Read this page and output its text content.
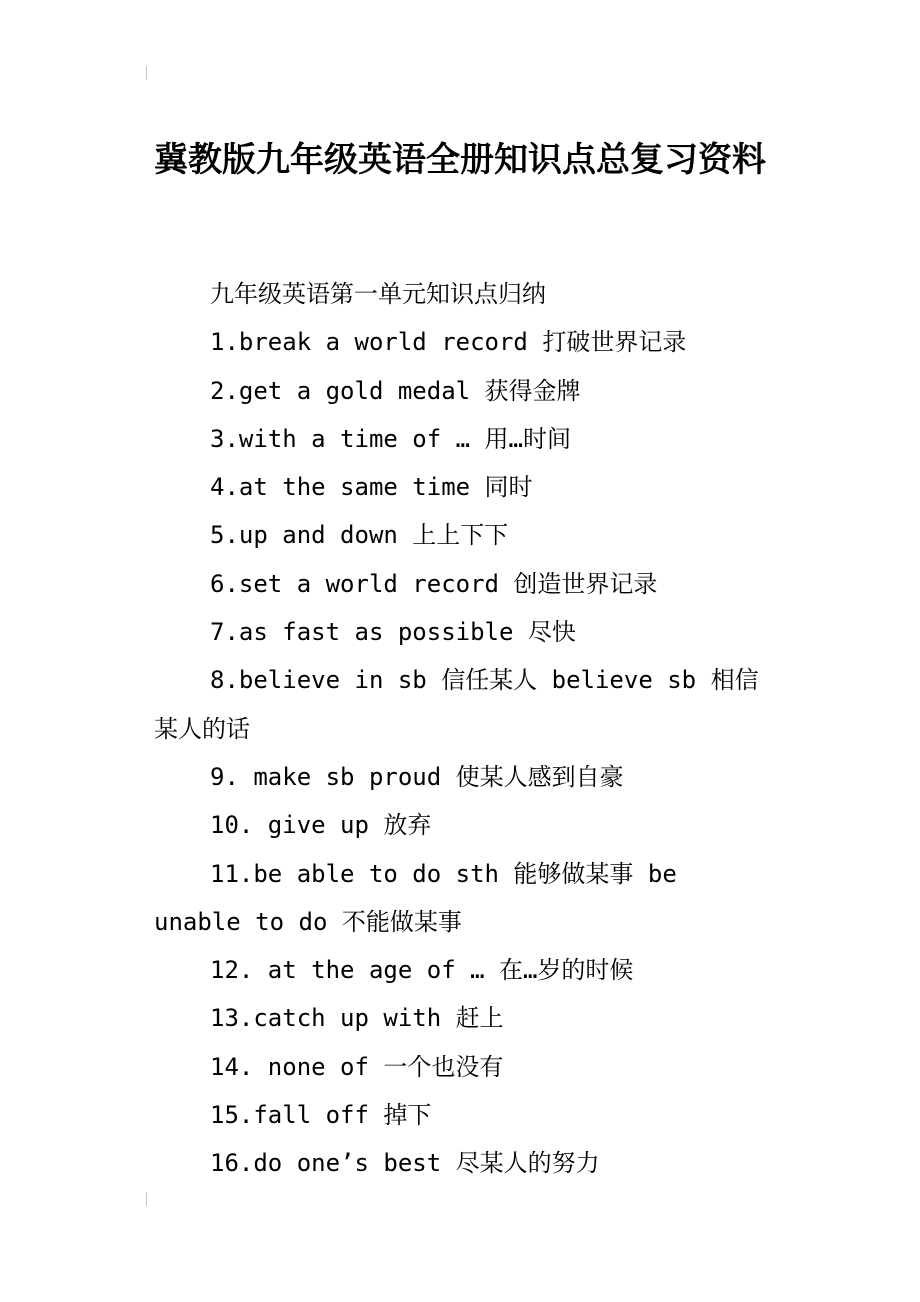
冀教版九年级英语全册知识点总复习资料

九年级英语第一单元知识点归纳

1.break a world record 打破世界记录

2.get a gold medal 获得金牌

3.with a time of … 用…时间

4.at the same time 同时

5.up and down 上上下下

6.set a world record 创造世界记录

7.as fast as possible 尽快

8.believe in sb 信任某人 believe sb 相信某人的话

9. make sb proud 使某人感到自豪

10. give up 放弃

11.be able to do sth 能够做某事 be unable to do 不能做某事

12. at the age of … 在…岁的时候

13.catch up with 赶上

14. none of 一个也没有

15.fall off 掉下

16.do one’s best 尽某人的努力
